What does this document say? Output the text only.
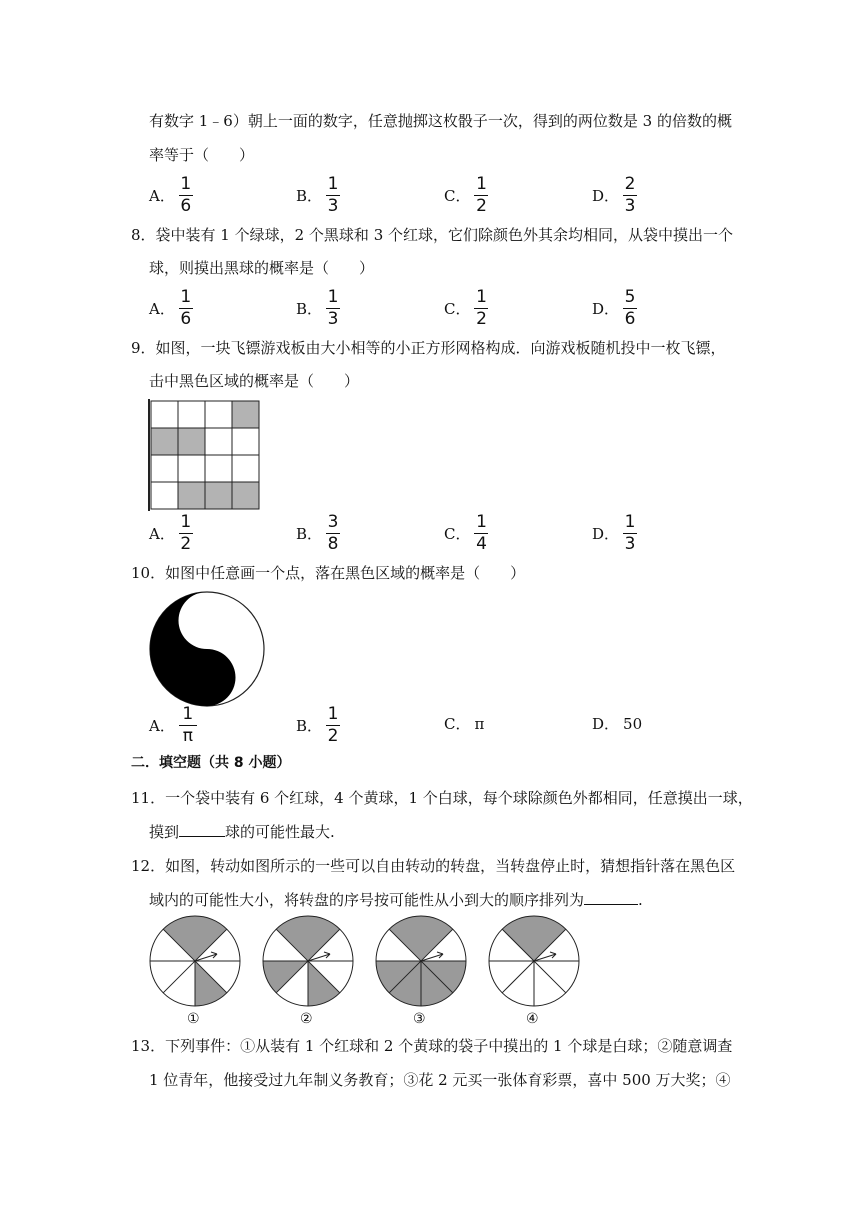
有数字 1﹣6）朝上一面的数字，任意抛掷这枚骰子一次，得到的两位数是 3 的倍数的概
率等于（　　）
A． $\frac{1}{6}$	B． $\frac{1}{3}$	C． $\frac{1}{2}$	D． $\frac{2}{3}$
8．袋中装有 1 个绿球，2 个黑球和 3 个红球，它们除颜色外其余均相同，从袋中摸出一个
球，则摸出黑球的概率是（　　）
A． $\frac{1}{6}$	B． $\frac{1}{3}$	C． $\frac{1}{2}$	D． $\frac{5}{6}$
9．如图，一块飞镖游戏板由大小相等的小正方形网格构成．向游戏板随机投中一枚飞镖，
击中黑色区域的概率是（　　）
A． $\frac{1}{2}$	B． $\frac{3}{8}$	C． $\frac{1}{4}$	D． $\frac{1}{3}$
10．如图中任意画一个点，落在黑色区域的概率是（　　）
A． $\frac{1}{\pi}$	B． $\frac{1}{2}$	C． π	D． 50
二．填空题（共 8 小题）
11．一个袋中装有 6 个红球，4 个黄球，1 个白球，每个球除颜色外都相同，任意摸出一球，
摸到	球的可能性最大.
12．如图，转动如图所示的一些可以自由转动的转盘，当转盘停止时，猜想指针落在黑色区
域内的可能性大小，将转盘的序号按可能性从小到大的顺序排列为	.
①	②	③	④
13．下列事件：①从装有 1 个红球和 2 个黄球的袋子中摸出的 1 个球是白球；②随意调查
1 位青年，他接受过九年制义务教育；③花 2 元买一张体育彩票，喜中 500 万大奖；④
